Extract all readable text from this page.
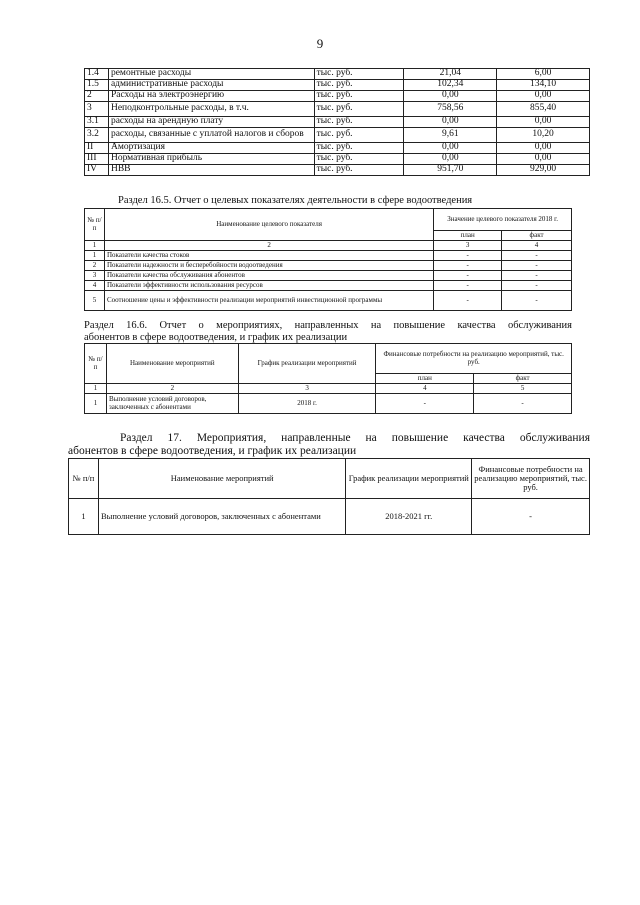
9
1.4	ремонтные расходы	тыс. руб.	21,04	6,00
1.5	административные расходы	тыс. руб.	102,34	134,10
2	Расходы на электроэнергию	тыс. руб.	0,00	0,00
3	Неподконтрольные расходы, в т.ч.	тыс. руб.	758,56	855,40
3.1	расходы на арендную плату	тыс. руб.	0,00	0,00
3.2	расходы, связанные с уплатой налогов и сборов	тыс. руб.	9,61	10,20
II	Амортизация	тыс. руб.	0,00	0,00
III	Нормативная прибыль	тыс. руб.	0,00	0,00
IV	НВВ	тыс. руб.	951,70	929,00
Раздел 16.5. Отчет о целевых показателях деятельности в сфере водоотведения
№ п/п	Наименование целевого показателя	Значение целевого показателя 2018 г.	
		план	факт
1	2	3	4
1	Показатели качества стоков	-	-
2	Показатели надежности и бесперебойности водоотведения	-	-
3	Показатели качества обслуживания абонентов	-	-
4	Показатели эффективности использования ресурсов	-	-
5	Соотношение цены и эффективности реализации мероприятий инвестиционной программы	-	-
Раздел 16.6. Отчет о мероприятиях, направленных на повышение качества обслуживания
абонентов в сфере водоотведения, и график их реализации
№ п/п	Наименование мероприятий	График реализации мероприятий	Финансовые потребности на реализацию мероприятий, тыс. руб.	
			план	факт
1	2	3	4	5
1	Выполнение условий договоров, заключенных с абонентами	2018 г.	-	-
Раздел 17. Мероприятия, направленные на повышение качества обслуживания
абонентов в сфере водоотведения, и график их реализации
№ п/п	Наименование мероприятий	График реализации мероприятий	Финансовые потребности на реализацию мероприятий, тыс. руб.
1	Выполнение условий договоров, заключенных с абонентами	2018-2021 гг.	-
